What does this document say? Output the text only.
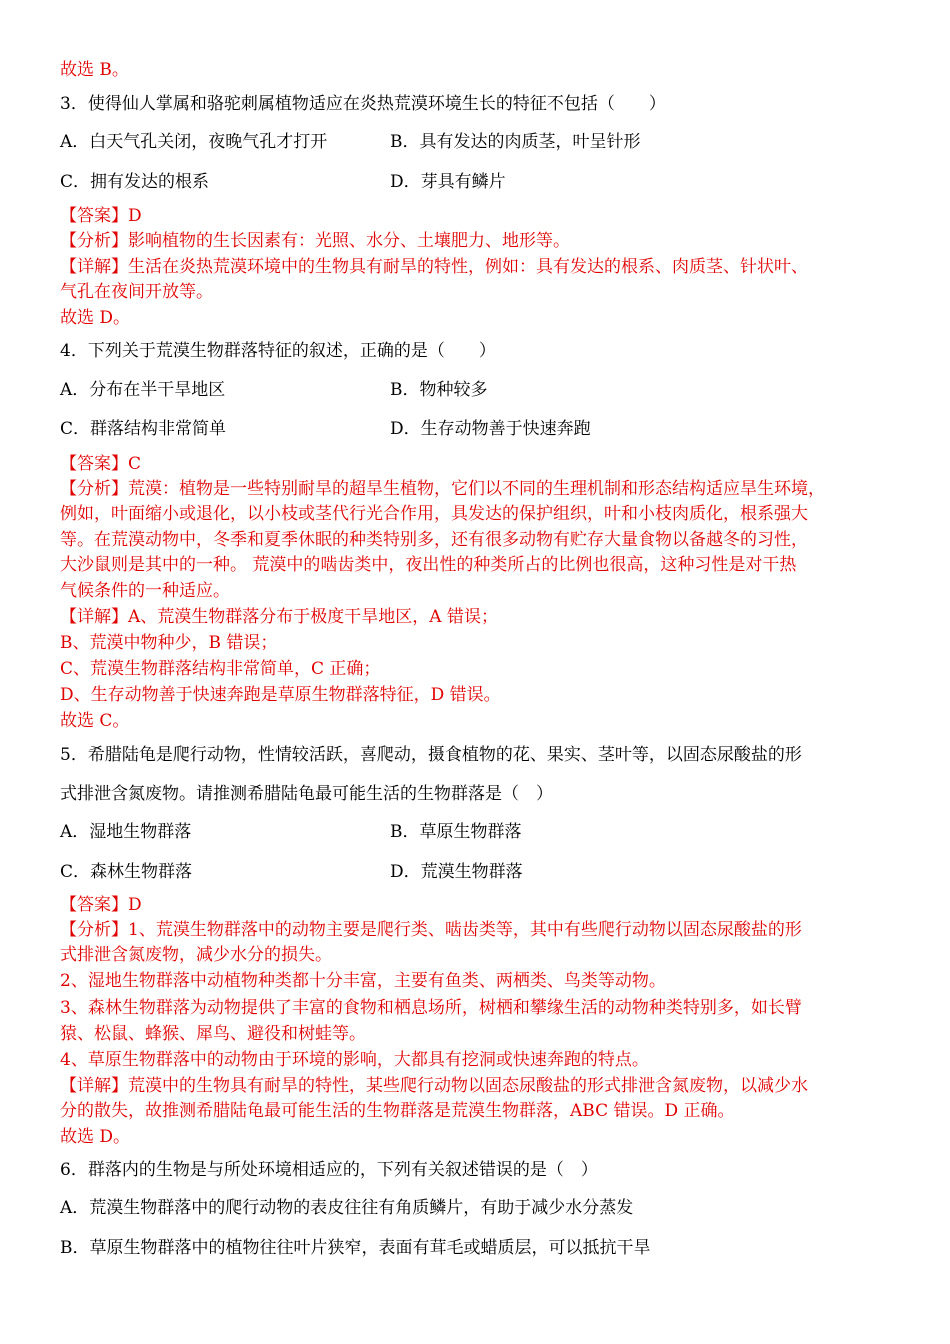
故选 B。
3．使得仙人掌属和骆驼刺属植物适应在炎热荒漠环境生长的特征不包括（　　）
A．白天气孔关闭，夜晚气孔才打开	B．具有发达的肉质茎，叶呈针形
C．拥有发达的根系	D．芽具有鳞片
【答案】D
【分析】影响植物的生长因素有：光照、水分、土壤肥力、地形等。
【详解】生活在炎热荒漠环境中的生物具有耐旱的特性，例如：具有发达的根系、肉质茎、针状叶、
气孔在夜间开放等。
故选 D。
4．下列关于荒漠生物群落特征的叙述，正确的是（　　）
A．分布在半干旱地区	B．物种较多
C．群落结构非常简单	D．生存动物善于快速奔跑
【答案】C
【分析】荒漠：植物是一些特别耐旱的超旱生植物，它们以不同的生理机制和形态结构适应旱生环境，
例如，叶面缩小或退化，以小枝或茎代行光合作用，具发达的保护组织，叶和小枝肉质化，根系强大
等。在荒漠动物中，冬季和夏季休眠的种类特别多，还有很多动物有贮存大量食物以备越冬的习性，
大沙鼠则是其中的一种。 荒漠中的啮齿类中，夜出性的种类所占的比例也很高，这种习性是对干热
气候条件的一种适应。
【详解】A、荒漠生物群落分布于极度干旱地区，A 错误；
B、荒漠中物种少，B 错误；
C、荒漠生物群落结构非常简单，C 正确；
D、生存动物善于快速奔跑是草原生物群落特征，D 错误。
故选 C。
5．希腊陆龟是爬行动物，性情较活跃，喜爬动，摄食植物的花、果实、茎叶等，以固态尿酸盐的形
式排泄含氮废物。请推测希腊陆龟最可能生活的生物群落是（　）
A．湿地生物群落	B．草原生物群落
C．森林生物群落	D．荒漠生物群落
【答案】D
【分析】1、荒漠生物群落中的动物主要是爬行类、啮齿类等，其中有些爬行动物以固态尿酸盐的形
式排泄含氮废物，减少水分的损失。
2、湿地生物群落中动植物种类都十分丰富，主要有鱼类、两栖类、鸟类等动物。
3、森林生物群落为动物提供了丰富的食物和栖息场所，树栖和攀缘生活的动物种类特别多，如长臂
猿、松鼠、蜂猴、犀鸟、避役和树蛙等。
4、草原生物群落中的动物由于环境的影响，大都具有挖洞或快速奔跑的特点。
【详解】荒漠中的生物具有耐旱的特性，某些爬行动物以固态尿酸盐的形式排泄含氮废物，以减少水
分的散失，故推测希腊陆龟最可能生活的生物群落是荒漠生物群落，ABC 错误。D 正确。
故选 D。
6．群落内的生物是与所处环境相适应的，下列有关叙述错误的是（　）
A．荒漠生物群落中的爬行动物的表皮往往有角质鳞片，有助于减少水分蒸发
B．草原生物群落中的植物往往叶片狭窄，表面有茸毛或蜡质层，可以抵抗干旱
